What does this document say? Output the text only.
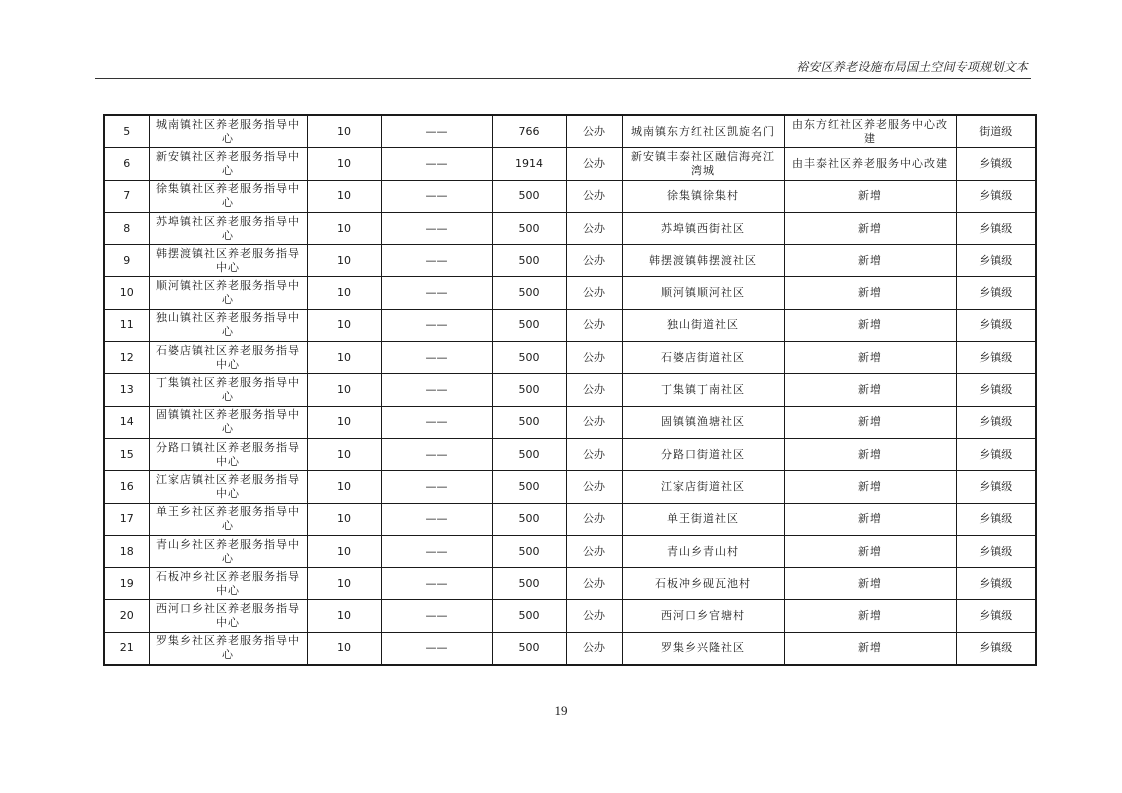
裕安区养老设施布局国土空间专项规划文本
5	城南镇社区养老服务指导中心	10	——	766	公办	城南镇东方红社区凯旋名门	由东方红社区养老服务中心改建	街道级
6	新安镇社区养老服务指导中心	10	——	1914	公办	新安镇丰泰社区融信海亮江湾城	由丰泰社区养老服务中心改建	乡镇级
7	徐集镇社区养老服务指导中心	10	——	500	公办	徐集镇徐集村	新增	乡镇级
8	苏埠镇社区养老服务指导中心	10	——	500	公办	苏埠镇西街社区	新增	乡镇级
9	韩摆渡镇社区养老服务指导中心	10	——	500	公办	韩摆渡镇韩摆渡社区	新增	乡镇级
10	顺河镇社区养老服务指导中心	10	——	500	公办	顺河镇顺河社区	新增	乡镇级
11	独山镇社区养老服务指导中心	10	——	500	公办	独山街道社区	新增	乡镇级
12	石婆店镇社区养老服务指导中心	10	——	500	公办	石婆店街道社区	新增	乡镇级
13	丁集镇社区养老服务指导中心	10	——	500	公办	丁集镇丁南社区	新增	乡镇级
14	固镇镇社区养老服务指导中心	10	——	500	公办	固镇镇渔塘社区	新增	乡镇级
15	分路口镇社区养老服务指导中心	10	——	500	公办	分路口街道社区	新增	乡镇级
16	江家店镇社区养老服务指导中心	10	——	500	公办	江家店街道社区	新增	乡镇级
17	单王乡社区养老服务指导中心	10	——	500	公办	单王街道社区	新增	乡镇级
18	青山乡社区养老服务指导中心	10	——	500	公办	青山乡青山村	新增	乡镇级
19	石板冲乡社区养老服务指导中心	10	——	500	公办	石板冲乡砚瓦池村	新增	乡镇级
20	西河口乡社区养老服务指导中心	10	——	500	公办	西河口乡官塘村	新增	乡镇级
21	罗集乡社区养老服务指导中心	10	——	500	公办	罗集乡兴隆社区	新增	乡镇级
19
